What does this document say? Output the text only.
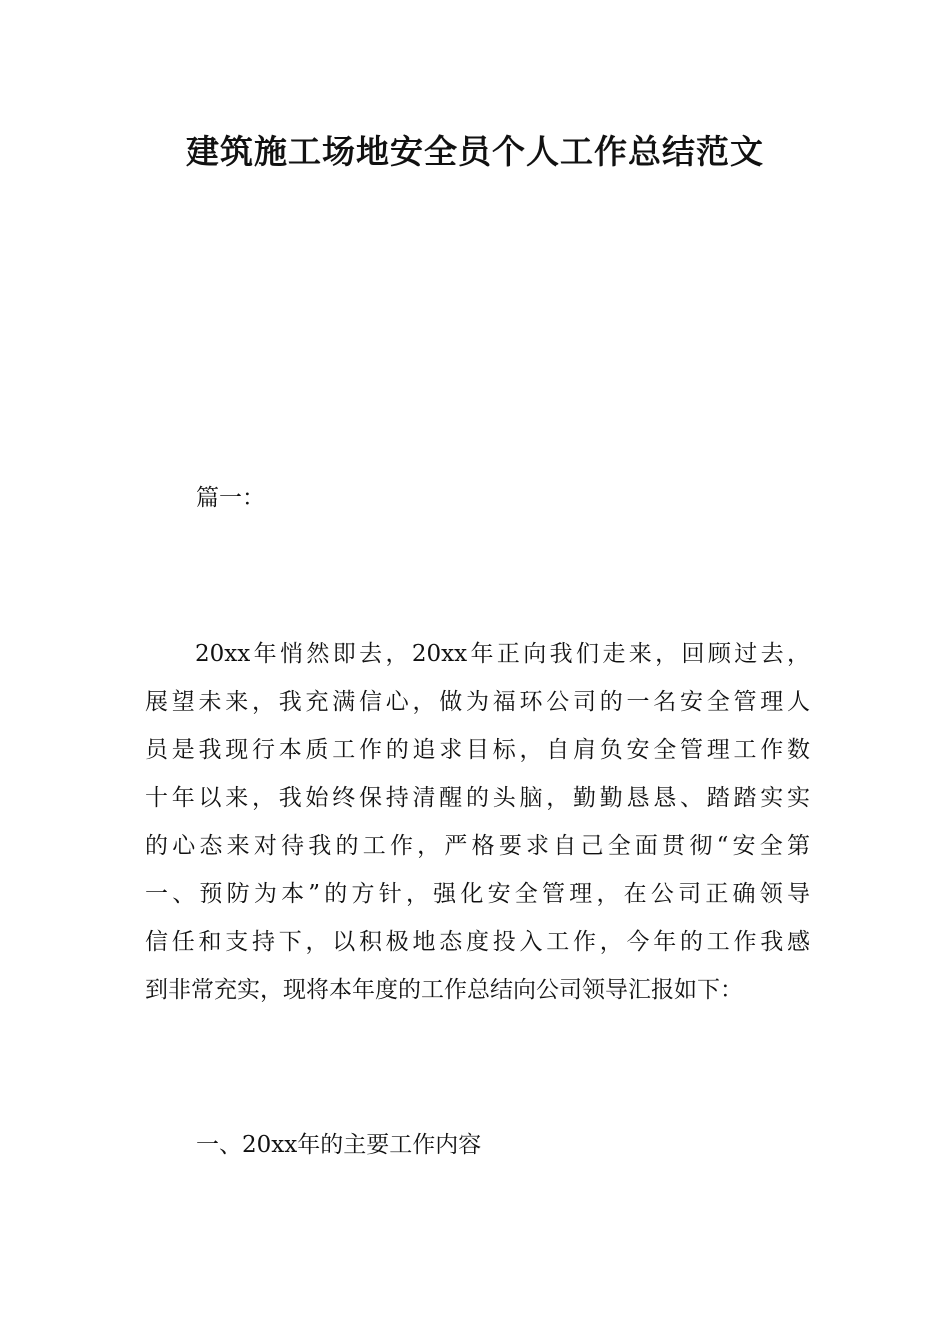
建筑施工场地安全员个人工作总结范文

篇一：

20xx年悄然即去，20xx年正向我们走来，回顾过去，
展望未来，我充满信心，做为福环公司的一名安全管理人
员是我现行本质工作的追求目标，自肩负安全管理工作数
十年以来，我始终保持清醒的头脑，勤勤恳恳、踏踏实实
的心态来对待我的工作，严格要求自己全面贯彻“安全第
一、预防为本”的方针，强化安全管理，在公司正确领导
信任和支持下，以积极地态度投入工作，今年的工作我感
到非常充实，现将本年度的工作总结向公司领导汇报如下：

一、20xx年的主要工作内容
